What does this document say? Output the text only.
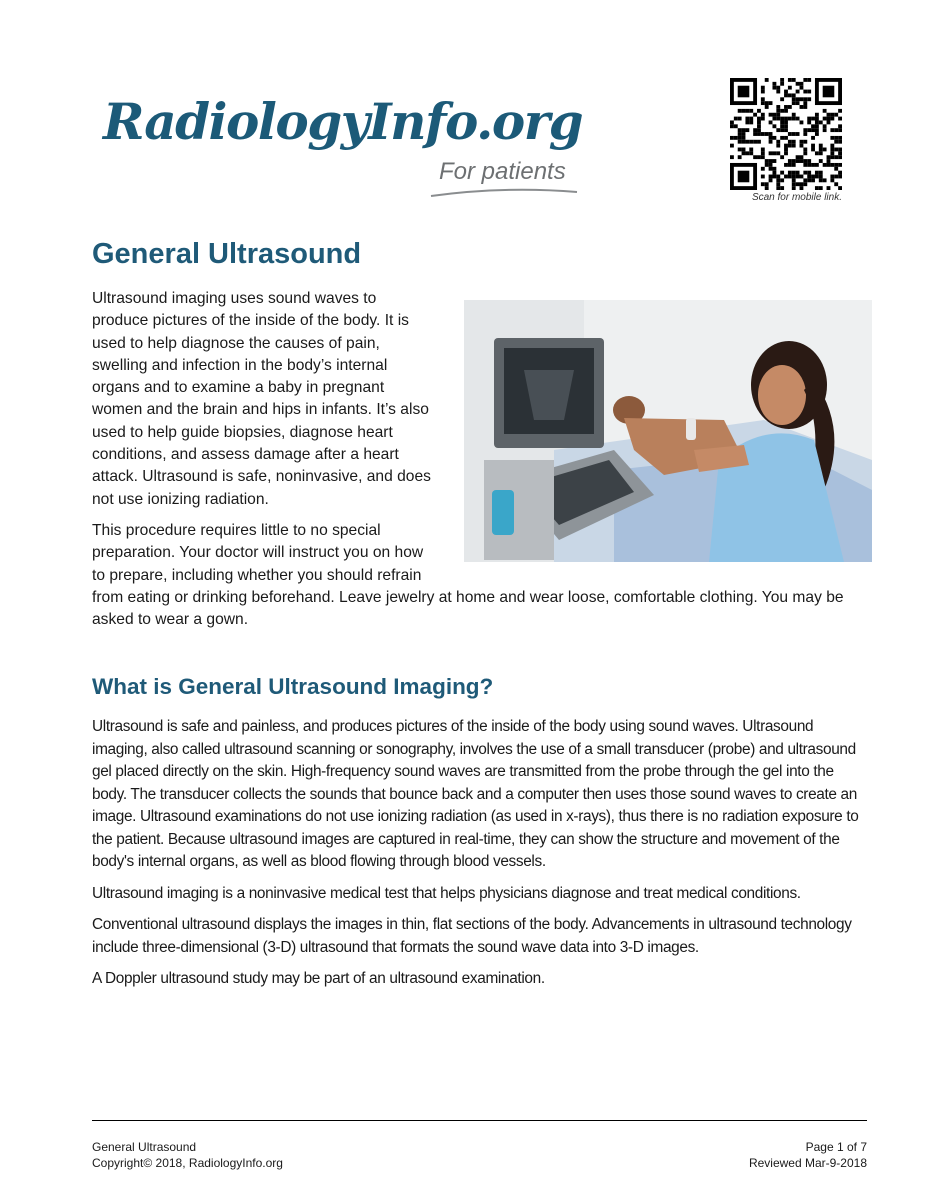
RadiologyInfo.org
For patients
Scan for mobile link.
General Ultrasound

Ultrasound imaging uses sound waves to produce pictures of the inside of the body. It is used to help diagnose the causes of pain, swelling and infection in the body’s internal organs and to examine a baby in pregnant women and the brain and hips in infants. It’s also used to help guide biopsies, diagnose heart conditions, and assess damage after a heart attack. Ultrasound is safe, noninvasive, and does not use ionizing radiation.

This procedure requires little to no special preparation. Your doctor will instruct you on how to prepare, including whether you should refrain from eating or drinking beforehand. Leave jewelry at home and wear loose, comfortable clothing. You may be asked to wear a gown.

What is General Ultrasound Imaging?

Ultrasound is safe and painless, and produces pictures of the inside of the body using sound waves. Ultrasound imaging, also called ultrasound scanning or sonography, involves the use of a small transducer (probe) and ultrasound gel placed directly on the skin. High-frequency sound waves are transmitted from the probe through the gel into the body. The transducer collects the sounds that bounce back and a computer then uses those sound waves to create an image. Ultrasound examinations do not use ionizing radiation (as used in x-rays), thus there is no radiation exposure to the patient. Because ultrasound images are captured in real-time, they can show the structure and movement of the body's internal organs, as well as blood flowing through blood vessels.

Ultrasound imaging is a noninvasive medical test that helps physicians diagnose and treat medical conditions.

Conventional ultrasound displays the images in thin, flat sections of the body. Advancements in ultrasound technology include three-dimensional (3-D) ultrasound that formats the sound wave data into 3-D images.

A Doppler ultrasound study may be part of an ultrasound examination.

General Ultrasound
Copyright© 2018, RadiologyInfo.org
Page 1 of 7
Reviewed Mar-9-2018
